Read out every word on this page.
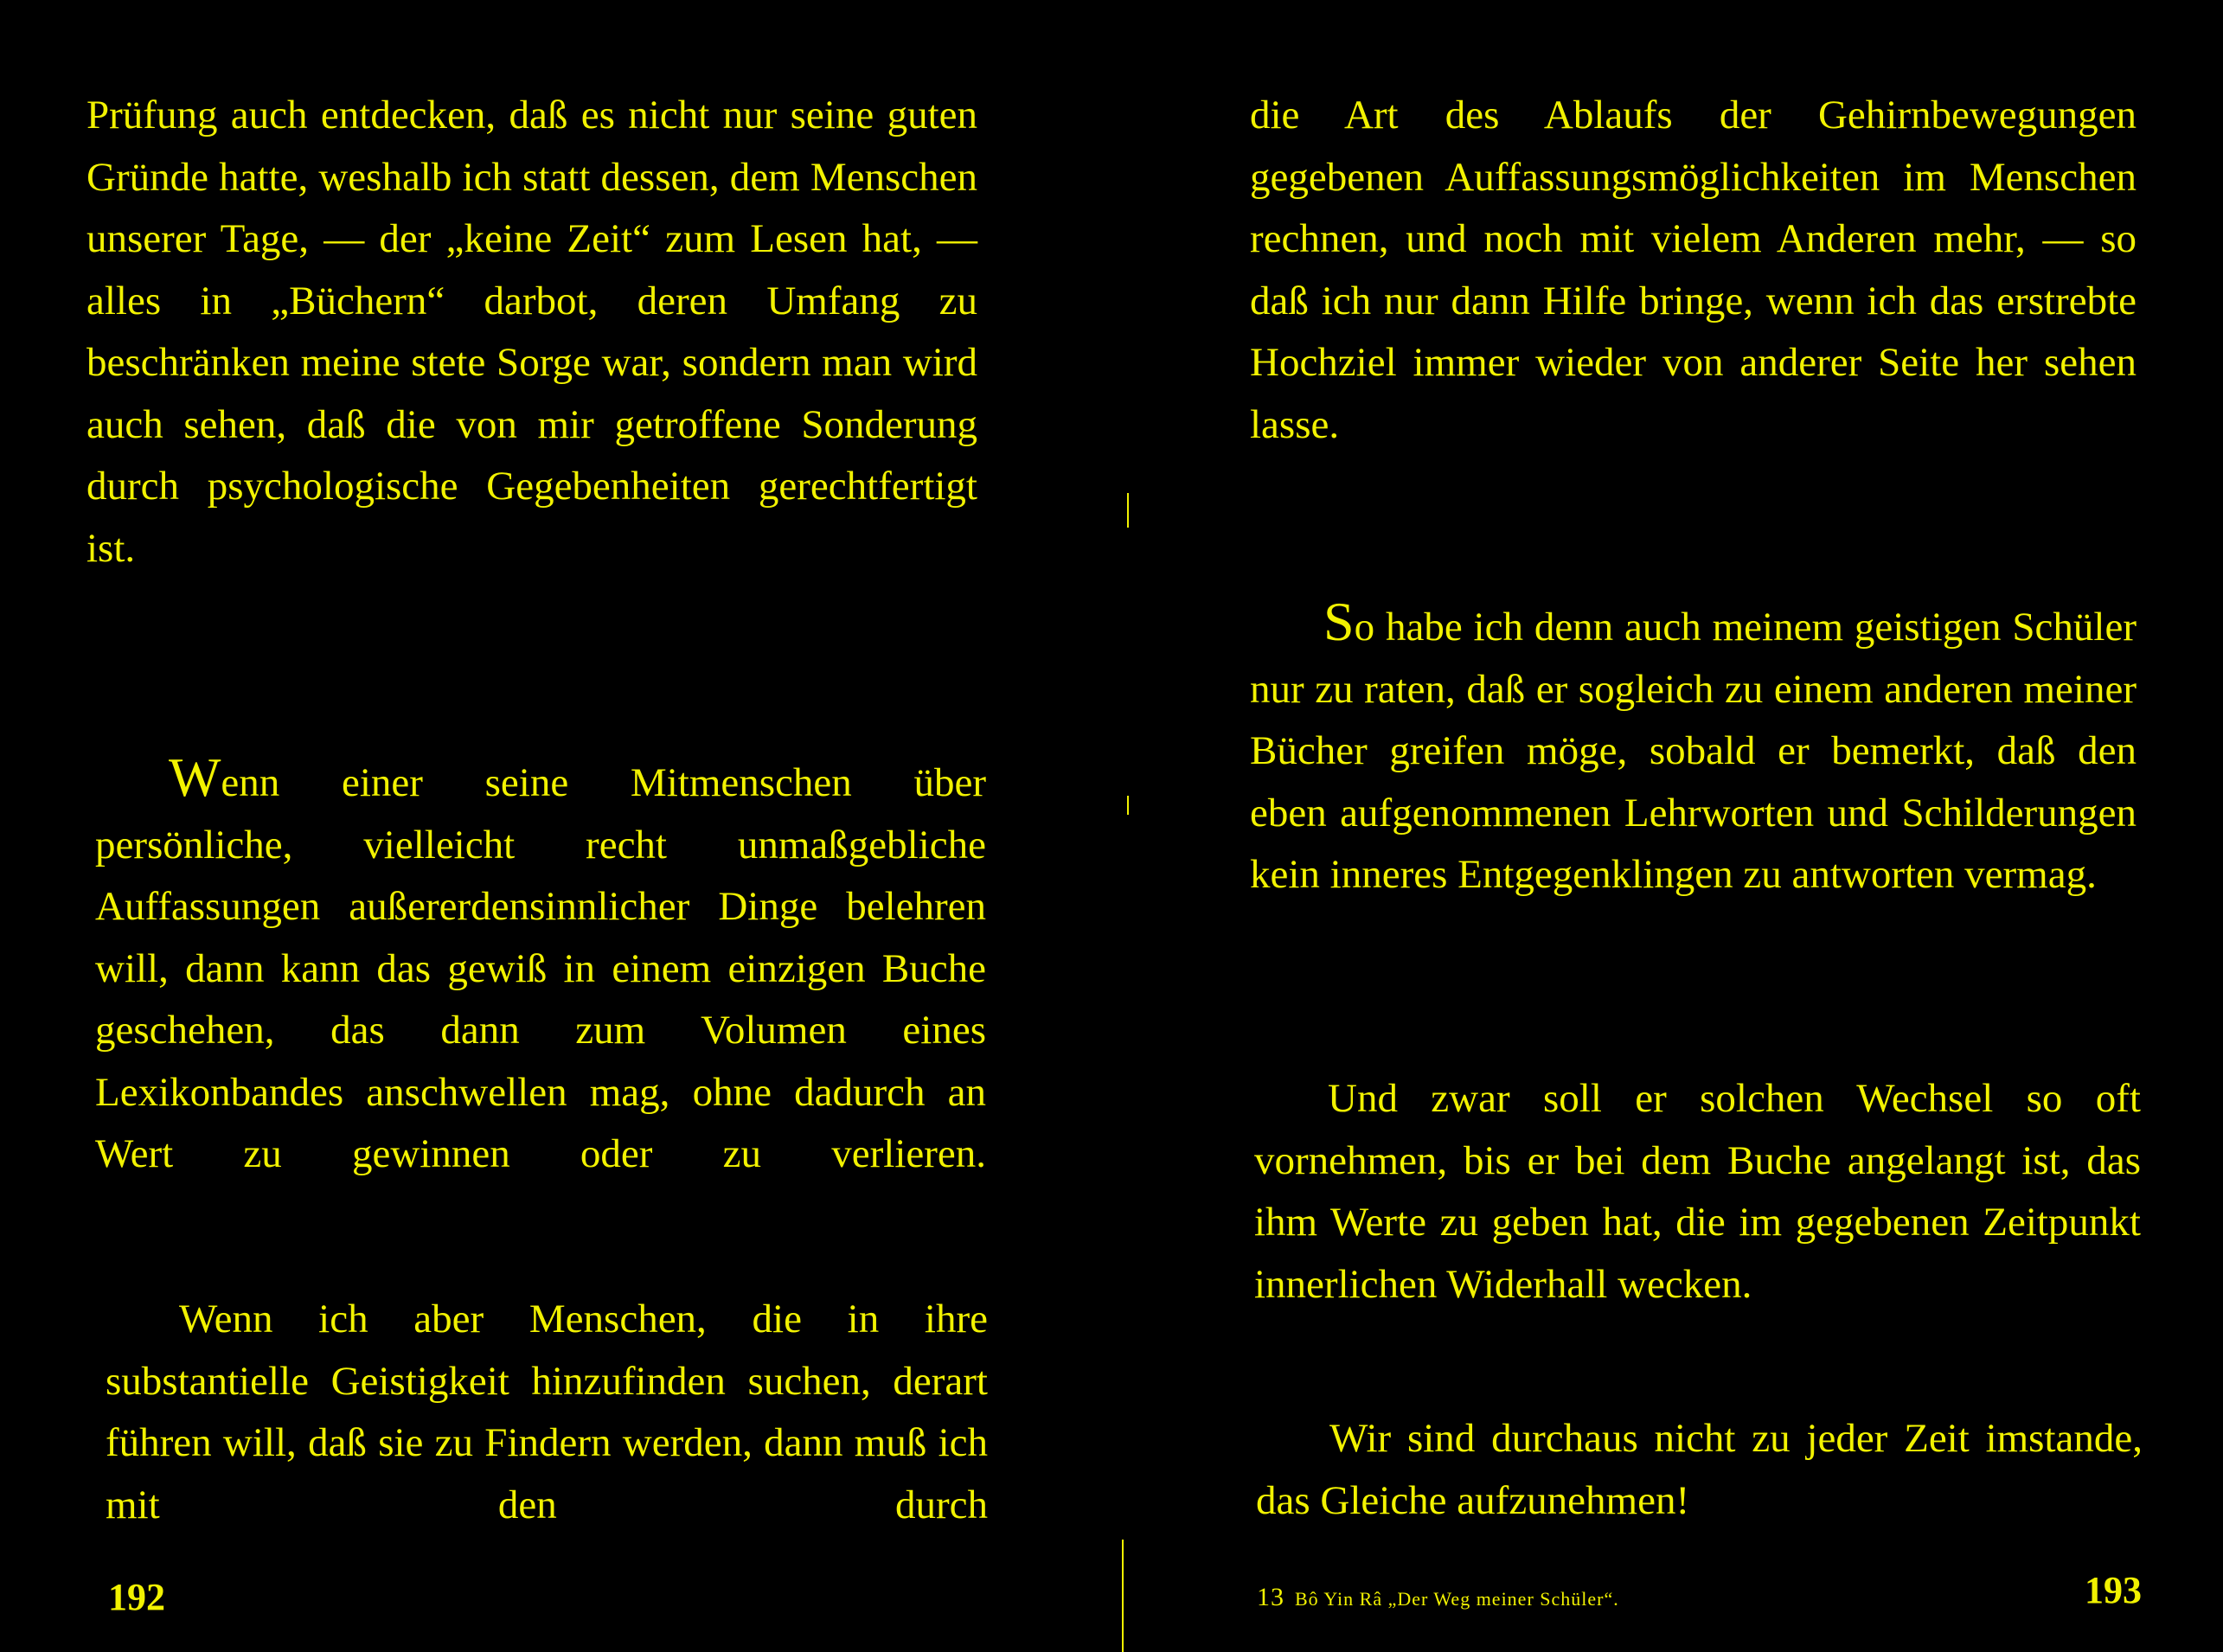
Prüfung auch entdecken, daß es nicht nur seine guten Gründe hatte, weshalb ich statt dessen, dem Menschen unserer Tage, — der „keine Zeit“ zum Lesen hat, — alles in „Büchern“ darbot, deren Umfang zu beschränken meine stete Sorge war, sondern man wird auch sehen, daß die von mir getroffene Sonderung durch psychologische Gegebenheiten gerechtfertigt ist.

Wenn einer seine Mitmenschen über persönliche, vielleicht recht unmaßgebliche Auffassungen außererdensinnlicher Dinge belehren will, dann kann das gewiß in einem einzigen Buche geschehen, das dann zum Volumen eines Lexikonbandes anschwellen mag, ohne dadurch an Wert zu gewinnen oder zu verlieren.

Wenn ich aber Menschen, die in ihre substantielle Geistigkeit hinzufinden suchen, derart führen will, daß sie zu Findern werden, dann muß ich mit den durch

192

die Art des Ablaufs der Gehirnbewegungen gegebenen Auffassungsmöglichkeiten im Menschen rechnen, und noch mit vielem Anderen mehr, — so daß ich nur dann Hilfe bringe, wenn ich das erstrebte Hochziel immer wieder von anderer Seite her sehen lasse.

So habe ich denn auch meinem geistigen Schüler nur zu raten, daß er sogleich zu einem anderen meiner Bücher greifen möge, sobald er bemerkt, daß den eben aufgenommenen Lehrworten und Schilderungen kein inneres Entgegenklingen zu antworten vermag.

Und zwar soll er solchen Wechsel so oft vornehmen, bis er bei dem Buche angelangt ist, das ihm Werte zu geben hat, die im gegebenen Zeitpunkt innerlichen Widerhall wecken.

Wir sind durchaus nicht zu jeder Zeit imstande, das Gleiche aufzunehmen!

13 Bô Yin Râ „Der Weg meiner Schüler“.	193
